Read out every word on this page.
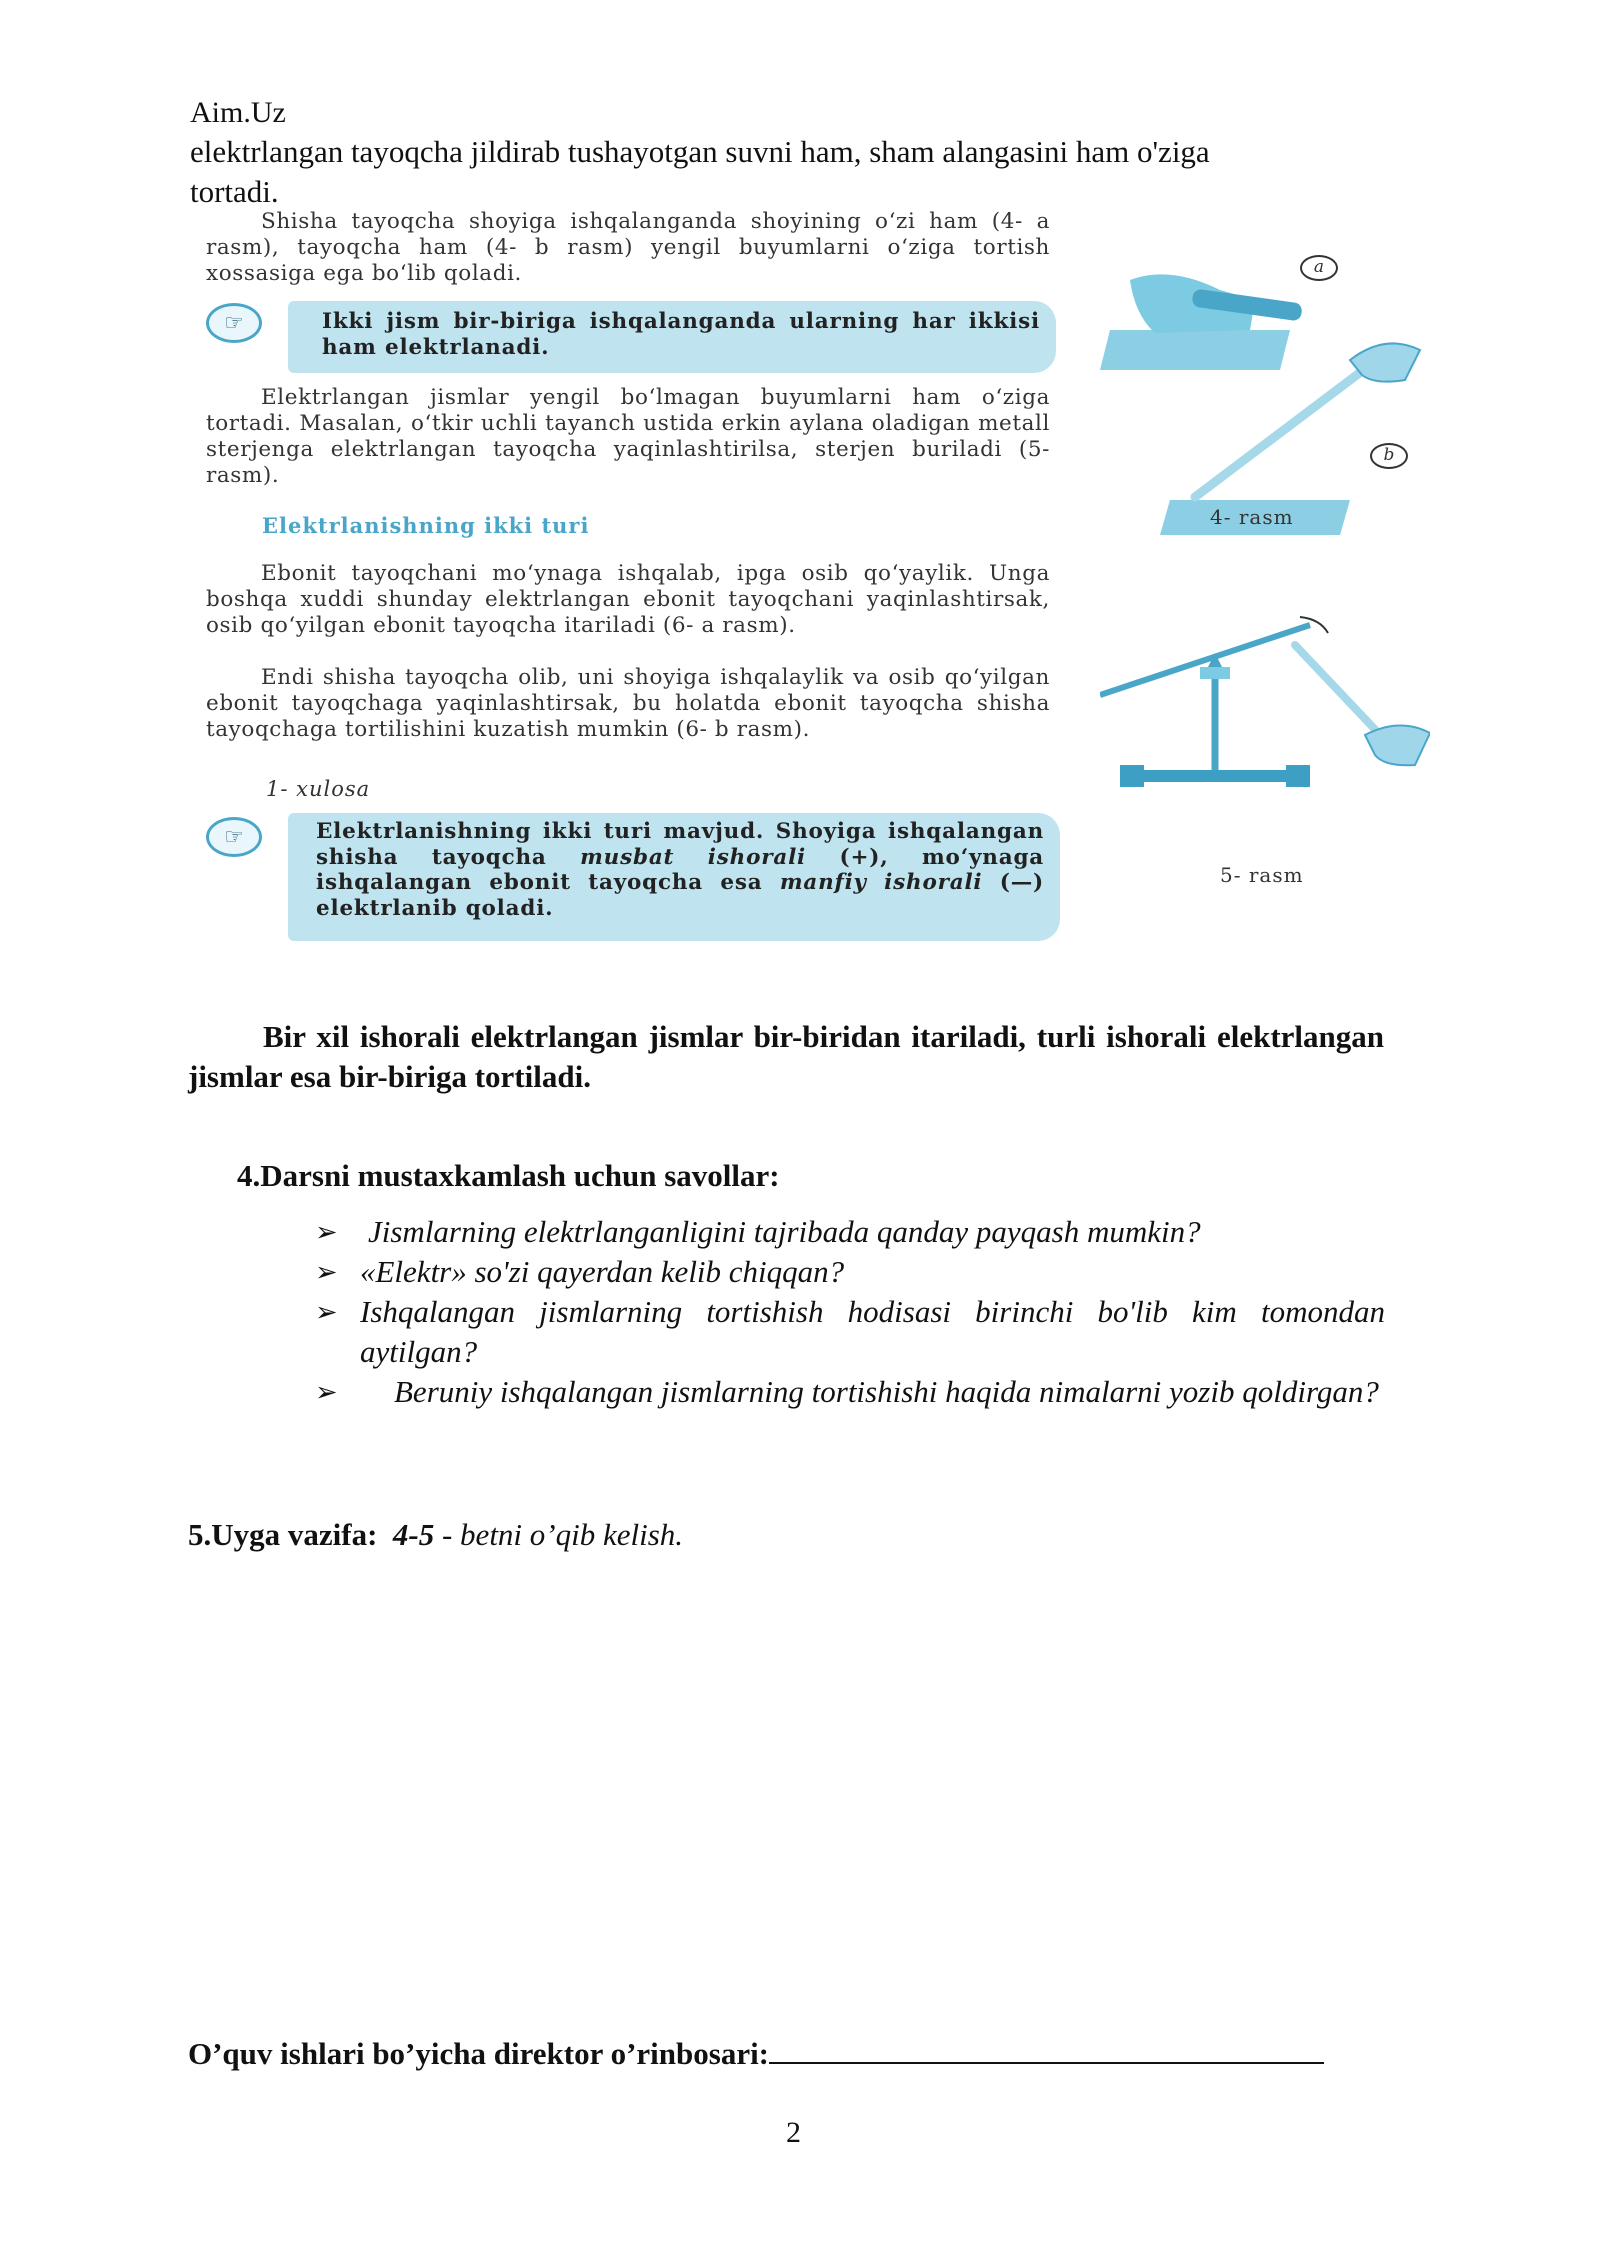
Aim.Uz
elektrlangan tayoqcha jildirab tushayotgan suvni ham, sham alangasini ham o'ziga
tortadi.
Shisha tayoqcha shoyiga ishqalanganda shoyining oʻzi ham (4- a rasm), tayoqcha ham (4- b rasm) yengil buyumlarni oʻziga tortish xossasiga ega boʻlib qoladi.
☞	Ikki jism bir-biriga ishqalanganda ularning har ikkisi ham elektrlanadi.
Elektrlangan jismlar yengil boʻlmagan buyumlarni ham oʻziga tortadi. Masalan, oʻtkir uchli tayanch ustida erkin aylana oladigan metall sterjenga elektrlangan tayoqcha yaqinlashtirilsa, sterjen buriladi (5- rasm).
Elektrlanishning ikki turi
Ebonit tayoqchani moʻynaga ishqalab, ipga osib qoʻyaylik. Unga boshqa xuddi shunday elektrlangan ebonit tayoqchani yaqinlashtirsak, osib qoʻyilgan ebonit tayoqcha itariladi (6- a rasm).
Endi shisha tayoqcha olib, uni shoyiga ishqalaylik va osib qoʻyilgan ebonit tayoqchaga yaqinlashtirsak, bu holatda ebonit tayoqcha shisha tayoqchaga tortilishini kuzatish mumkin (6- b rasm).
1- xulosa
☞	Elektrlanishning ikki turi mavjud. Shoyiga ishqalangan shisha tayoqcha musbat ishorali (+), moʻynaga ishqalangan ebonit tayoqcha esa manfiy ishorali (—) elektrlanib qoladi.
a
b
4- rasm
5- rasm
Bir xil ishorali elektrlangan jismlar bir-biridan itariladi, turli ishorali elektrlangan jismlar esa bir-biriga tortiladi.
4.Darsni mustaxkamlash uchun savollar:
➢ Jismlarning elektrlanganligini tajribada qanday payqash mumkin?
➢ «Elektr» so'zi qayerdan kelib chiqqan?
➢ Ishqalangan jismlarning tortishish hodisasi birinchi bo'lib kim tomondan aytilgan?
➢	Beruniy ishqalangan jismlarning tortishishi haqida nimalarni yozib qoldirgan?
5.Uyga vazifa: 4-5 - betni o’qib kelish.
O’quv ishlari bo’yicha direktor o’rinbosari:
2
